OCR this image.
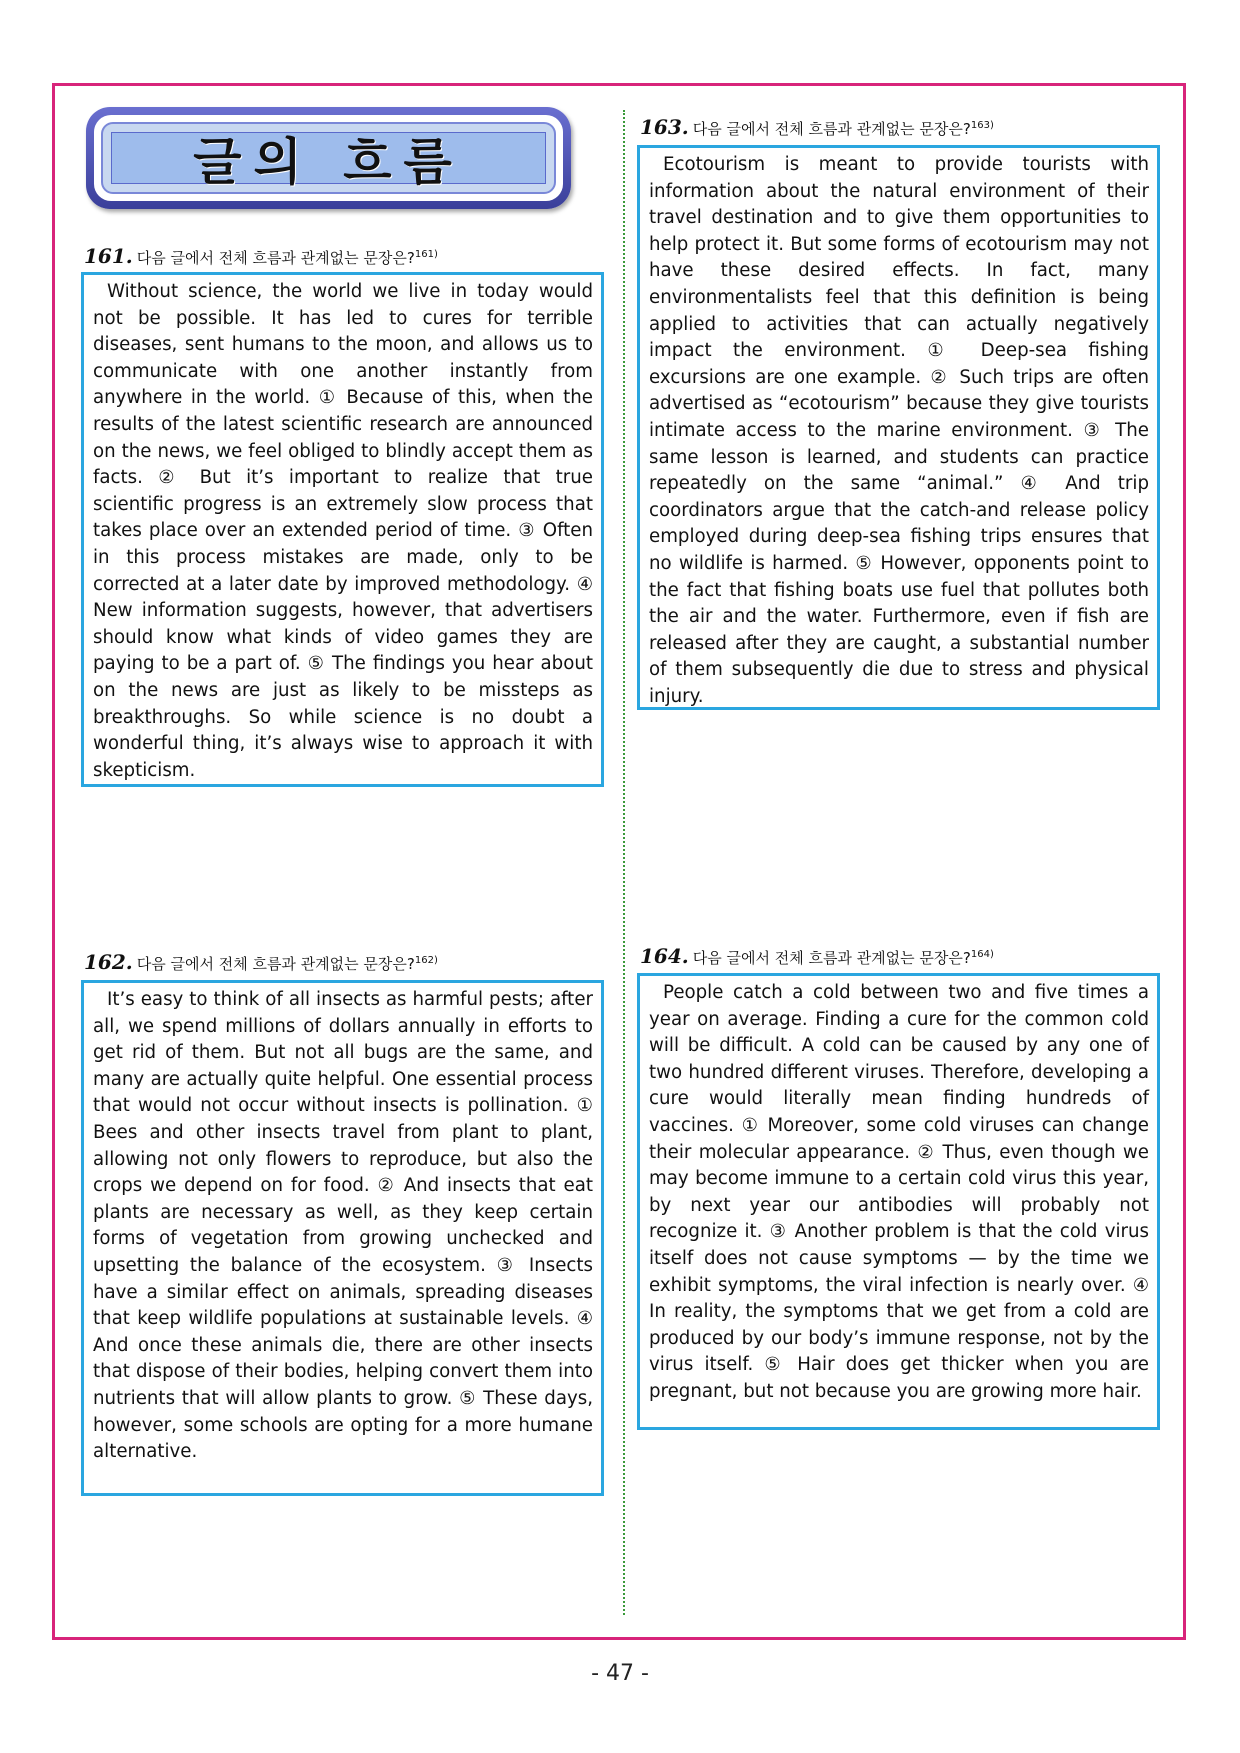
글의 흐름
161. 다음 글에서 전체 흐름과 관계없는 문장은?$^{161)}$
Without science, the world we live in today would not be possible. It has led to cures for terrible diseases, sent humans to the moon, and allows us to communicate with one another instantly from anywhere in the world. ① Because of this, when the results of the latest scientific research are announced on the news, we feel obliged to blindly accept them as facts. ② But it’s important to realize that true scientific progress is an extremely slow process that takes place over an extended period of time. ③ Often in this process mistakes are made, only to be corrected at a later date by improved methodology. ④ New information suggests, however, that advertisers should know what kinds of video games they are paying to be a part of. ⑤ The findings you hear about on the news are just as likely to be missteps as breakthroughs. So while science is no doubt a wonderful thing, it’s always wise to approach it with skepticism.
162. 다음 글에서 전체 흐름과 관계없는 문장은?$^{162)}$
It’s easy to think of all insects as harmful pests; after all, we spend millions of dollars annually in efforts to get rid of them. But not all bugs are the same, and many are actually quite helpful. One essential process that would not occur without insects is pollination. ① Bees and other insects travel from plant to plant, allowing not only flowers to reproduce, but also the crops we depend on for food. ② And insects that eat plants are necessary as well, as they keep certain forms of vegetation from growing unchecked and upsetting the balance of the ecosystem. ③ Insects have a similar effect on animals, spreading diseases that keep wildlife populations at sustainable levels. ④ And once these animals die, there are other insects that dispose of their bodies, helping convert them into nutrients that will allow plants to grow. ⑤ These days, however, some schools are opting for a more humane alternative.
163. 다음 글에서 전체 흐름과 관계없는 문장은?$^{163)}$
Ecotourism is meant to provide tourists with information about the natural environment of their travel destination and to give them opportunities to help protect it. But some forms of ecotourism may not have these desired effects. In fact, many environmentalists feel that this definition is being applied to activities that can actually negatively impact the environment. ① Deep-sea fishing excursions are one example. ② Such trips are often advertised as “ecotourism” because they give tourists intimate access to the marine environment. ③ The same lesson is learned, and students can practice repeatedly on the same “animal.” ④ And trip coordinators argue that the catch-and release policy employed during deep-sea fishing trips ensures that no wildlife is harmed. ⑤ However, opponents point to the fact that fishing boats use fuel that pollutes both the air and the water. Furthermore, even if fish are released after they are caught, a substantial number of them subsequently die due to stress and physical injury.
164. 다음 글에서 전체 흐름과 관계없는 문장은?$^{164)}$
People catch a cold between two and five times a year on average. Finding a cure for the common cold will be difficult. A cold can be caused by any one of two hundred different viruses. Therefore, developing a cure would literally mean finding hundreds of vaccines. ① Moreover, some cold viruses can change their molecular appearance. ② Thus, even though we may become immune to a certain cold virus this year, by next year our antibodies will probably not recognize it. ③ Another problem is that the cold virus itself does not cause symptoms — by the time we exhibit symptoms, the viral infection is nearly over. ④ In reality, the symptoms that we get from a cold are produced by our body’s immune response, not by the virus itself. ⑤ Hair does get thicker when you are pregnant, but not because you are growing more hair.
- 47 -
